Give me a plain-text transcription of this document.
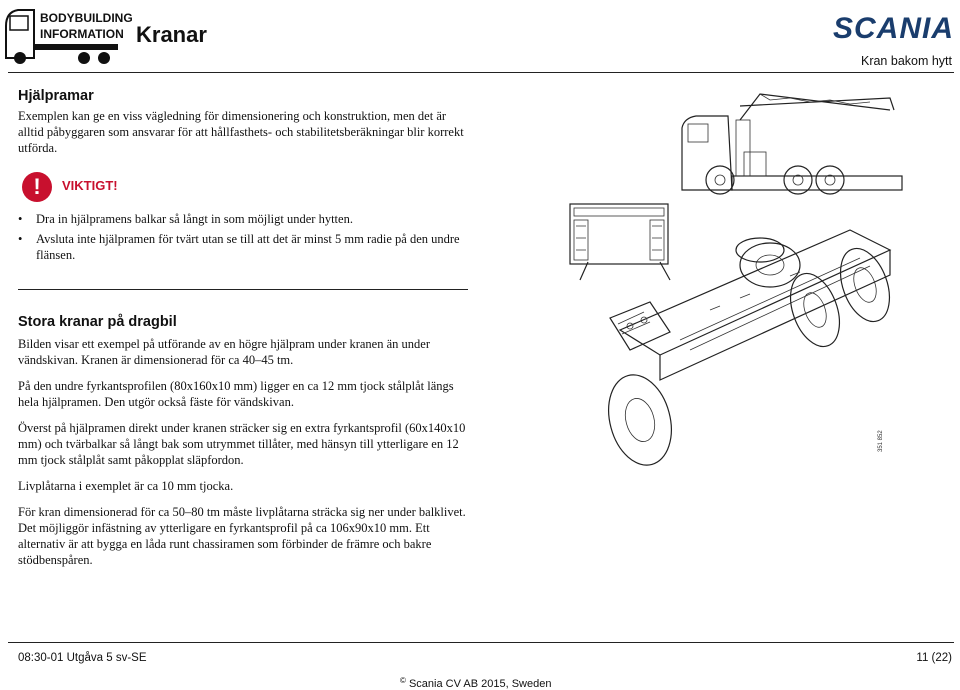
BODYBUILDING
INFORMATION Kranar	SCANIA
Kran bakom hytt
Hjälpramar

Exemplen kan ge en viss vägledning för dimensionering och konstruktion, men det är alltid påbyggaren som ansvarar för att hållfasthets- och stabilitetsberäkningar blir korrekt utförda.

!	VIKTIGT!
• Dra in hjälpramens balkar så långt in som möjligt under hytten.
• Avsluta inte hjälpramen för tvärt utan se till att det är minst 5 mm radie på den undre flänsen.
Stora kranar på dragbil

Bilden visar ett exempel på utförande av en högre hjälpram under kranen än under vändskivan. Kranen är dimensionerad för ca 40–45 tm.

På den undre fyrkantsprofilen (80x160x10 mm) ligger en ca 12 mm tjock stålplåt längs hela hjälpramen. Den utgör också fäste för vändskivan.

Överst på hjälpramen direkt under kranen sträcker sig en extra fyrkantsprofil (60x140x10 mm) och tvärbalkar så långt bak som utrymmet tillåter, med hänsyn till ytterligare en 12 mm tjock stålplåt samt påkopplat släpfordon.

Livplåtarna i exemplet är ca 10 mm tjocka.

För kran dimensionerad för ca 50–80 tm måste livplåtarna sträcka sig ner under balklivet. Det möjliggör infästning av ytterligare en fyrkantsprofil på ca 106x90x10 mm. Ett alternativ är att bygga en låda runt chassiramen som förbinder de främre och bakre stödbenspåren.

351 852
08:30-01 Utgåva 5 sv-SE	11 (22)
© Scania CV AB 2015, Sweden
